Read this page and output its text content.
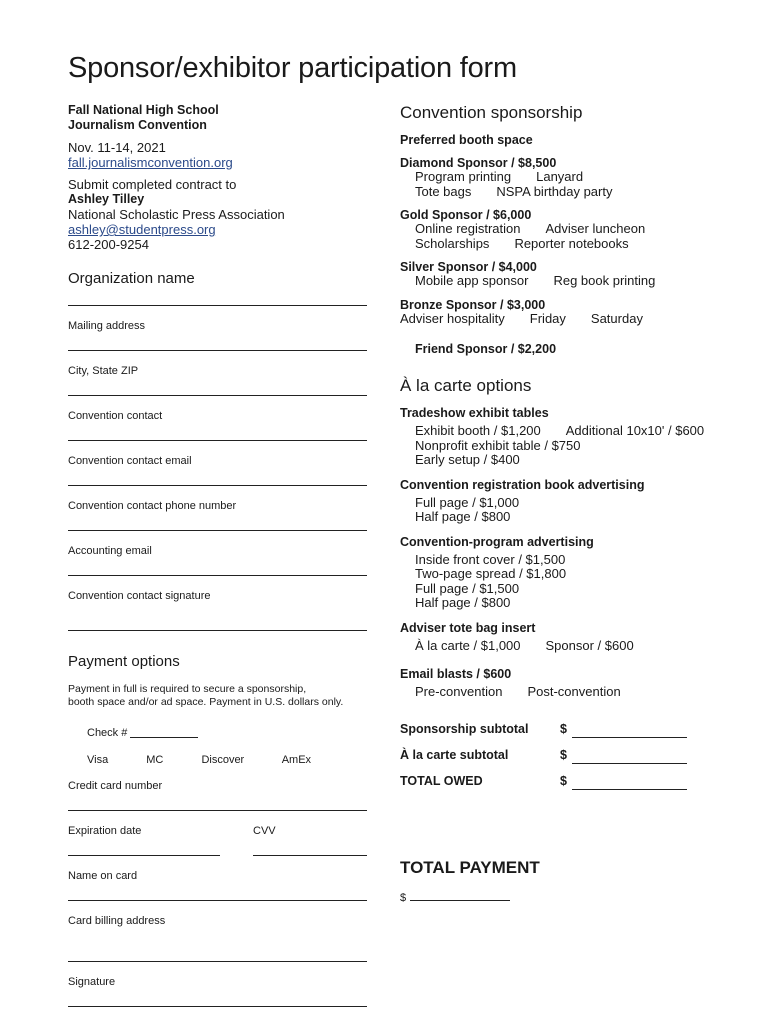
Sponsor/exhibitor participation form
Fall National High School
Journalism Convention
Nov. 11-14, 2021
fall.journalismconvention.org
Submit completed contract to
Ashley Tilley
National Scholastic Press Association
ashley@studentpress.org
612-200-9254
Organization name
Mailing address
City, State ZIP
Convention contact
Convention contact email
Convention contact phone number
Accounting email
Convention contact signature
Payment options
Payment in full is required to secure a sponsorship,
booth space and/or ad space. Payment in U.S. dollars only.
Check #
Visa	MC	Discover	AmEx
Credit card number
Expiration date	CVV
Name on card
Card billing address
Signature
Convention sponsorship
Preferred booth space
Diamond Sponsor / $8,500
Program printing Lanyard
Tote bags NSPA birthday party
Gold Sponsor / $6,000
Online registration Adviser luncheon
Scholarships Reporter notebooks
Silver Sponsor / $4,000
Mobile app sponsor Reg book printing
Bronze Sponsor / $3,000
Adviser hospitality Friday Saturday
Friend Sponsor / $2,200
À la carte options
Tradeshow exhibit tables
Exhibit booth / $1,200 Additional 10x10' / $600
Nonprofit exhibit table / $750
Early setup / $400
Convention registration book advertising
Full page / $1,000
Half page / $800
Convention-program advertising
Inside front cover / $1,500
Two-page spread / $1,800
Full page / $1,500
Half page / $800
Adviser tote bag insert
À la carte / $1,000 Sponsor / $600
Email blasts / $600
Pre-convention Post-convention
Sponsorship subtotal	$
À la carte subtotal	$
TOTAL OWED	$
TOTAL PAYMENT
$
